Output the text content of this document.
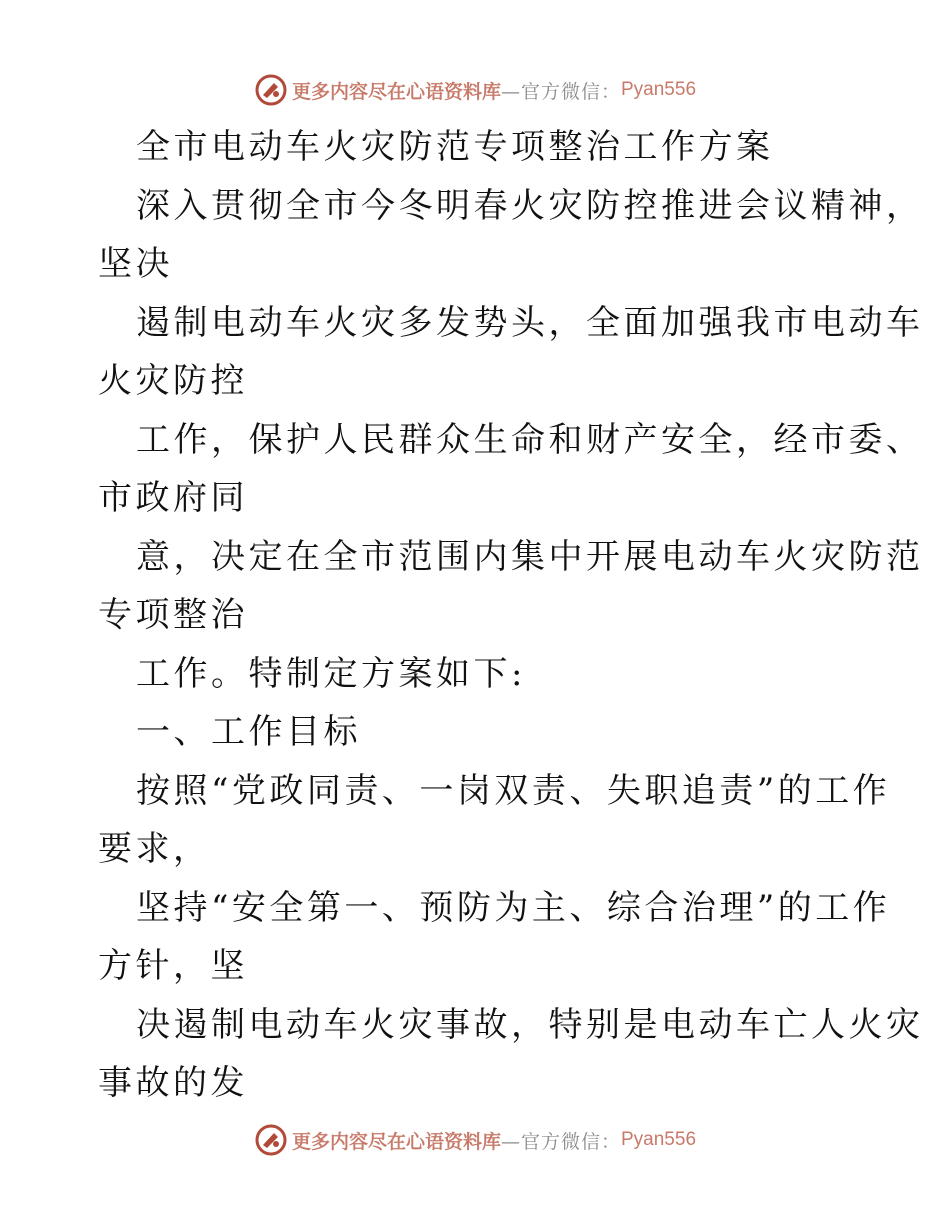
更多内容尽在心语资料库 —官方微信： Pyan556
全市电动车火灾防范专项整治工作方案
深入贯彻全市今冬明春火灾防控推进会议精神，
坚决
遏制电动车火灾多发势头，全面加强我市电动车
火灾防控
工作，保护人民群众生命和财产安全，经市委、
市政府同
意，决定在全市范围内集中开展电动车火灾防范
专项整治
工作。特制定方案如下:
一、工作目标
按照“党政同责、一岗双责、失职追责”的工作
要求，
坚持“安全第一、预防为主、综合治理”的工作
方针，坚
决遏制电动车火灾事故，特别是电动车亡人火灾
事故的发
更多内容尽在心语资料库 —官方微信： Pyan556
